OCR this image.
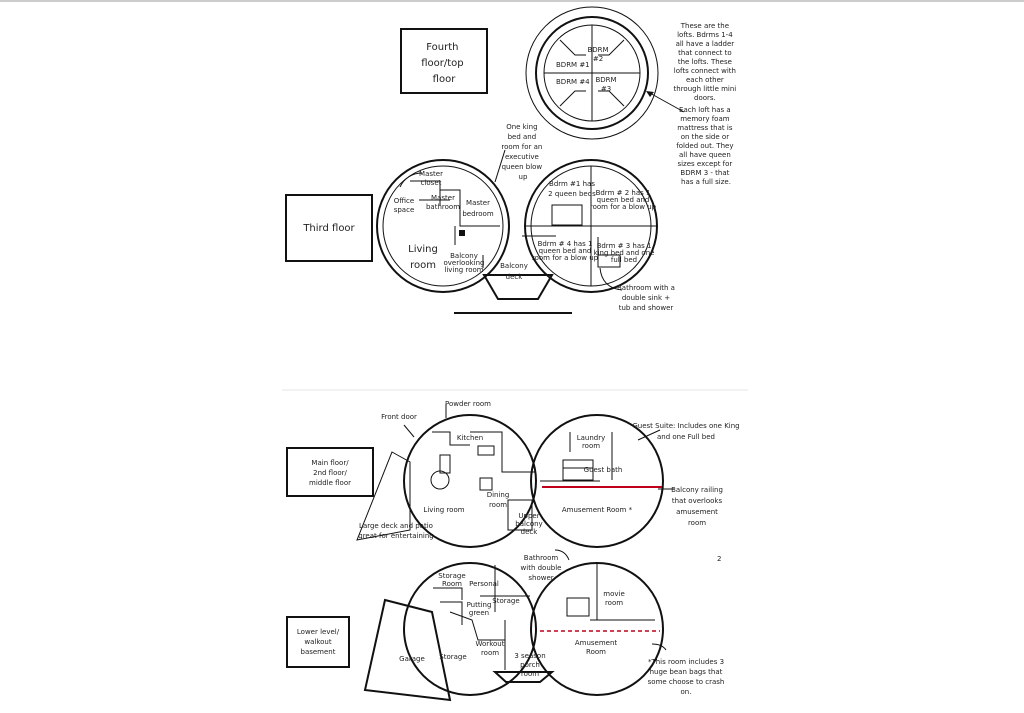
Fourth floor/top floor
BDRM #1
BDRM #2
BDRM #3
BDRM #4
These are the lofts. Bdrms 1-4 all have a ladder that connect to the lofts. These lofts connect with each other through little mini doors. Each loft has a memory foam mattress that is on the side or folded out. They all have queen sizes except for BDRM 3 - that has a full size.
Third floor
One king bed and room for an executive queen blow up
Master closet
Office space
Master bathroom Master bedroom
Living room
Balcony overlooking living room Balcony deck
Bdrm #1 has 2 queen beds Bdrm # 2 has 1 queen bed and room for a blow up
Bdrm # 4 has 1 queen bed and room for a blow up
Bdrm # 3 has 1 king bed and one full bed
Bathroom with a double sink + tub and shower
Main floor/ 2nd floor/ middle floor
Large deck and patio great for entertaining
Powder room
Front door
Kitchen
Dining room
Living room
Upper balcony deck
Laundry room
Guest bath
Amusement Room *
Guest Suite: Includes one King and one Full bed
Balcony railing that overlooks amusement room
Lower level/ walkout basement
Bathroom with double shower
2
Storage Room	Personal
Putting green
Storage
movie room
Storage
Workout room	3 season porch room
Amusement Room
Garage	*This room includes 3 huge bean bags that some choose to crash on.
